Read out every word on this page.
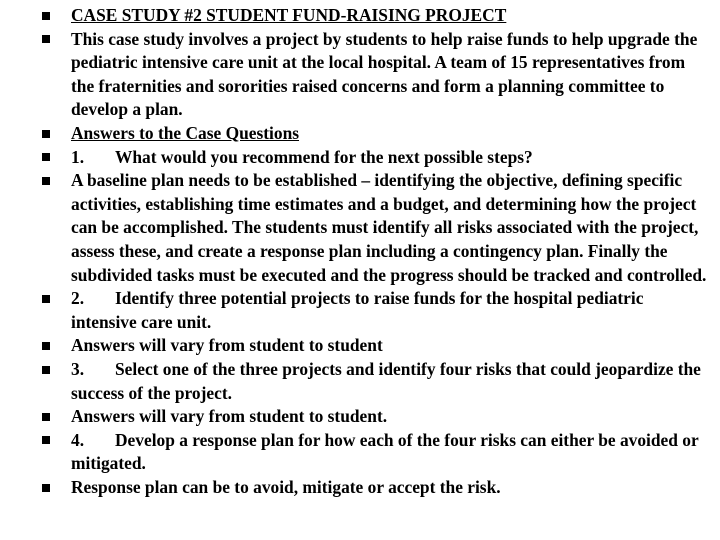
CASE STUDY #2 STUDENT FUND-RAISING PROJECT
This case study involves a project by students to help raise funds to help upgrade the pediatric intensive care unit at the local hospital. A team of 15 representatives from the fraternities and sororities raised concerns and form a planning committee to develop a plan.
Answers to the Case Questions
1. What would you recommend for the next possible steps?
A baseline plan needs to be established – identifying the objective, defining specific activities, establishing time estimates and a budget, and determining how the project can be accomplished. The students must identify all risks associated with the project, assess these, and create a response plan including a contingency plan. Finally the subdivided tasks must be executed and the progress should be tracked and controlled.
2. Identify three potential projects to raise funds for the hospital pediatric            intensive care unit.
Answers will vary from student to student
3. Select one of the three projects and identify four risks that could jeopardize the success of the project.
Answers will vary from student to student.
4. Develop a response plan for how each of the four risks can either be avoided or mitigated.
Response plan can be to avoid, mitigate or accept the risk.
